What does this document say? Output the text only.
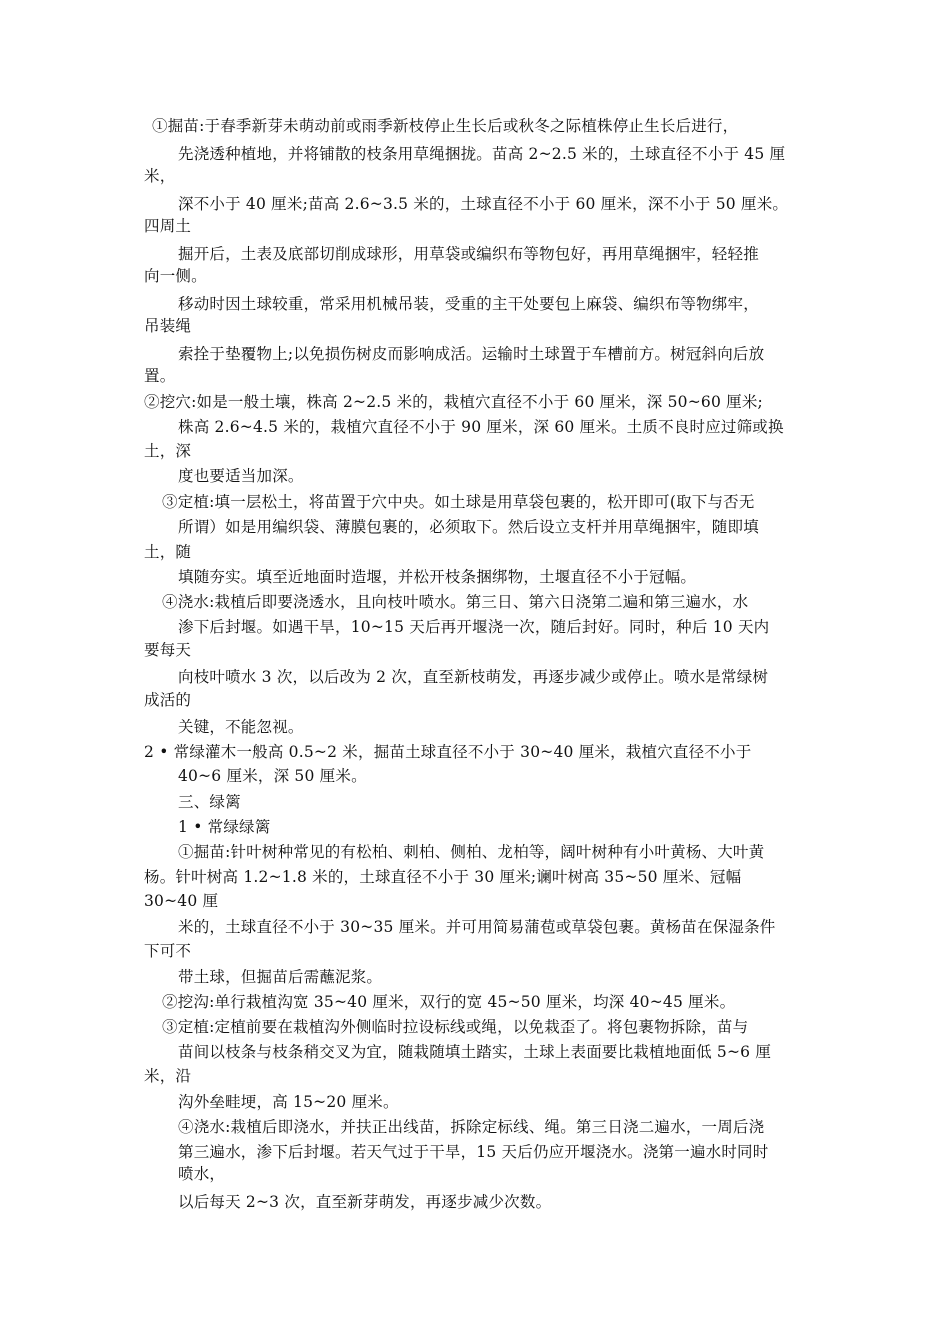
①掘苗:于春季新芽未萌动前或雨季新枝停止生长后或秋冬之际植株停止生长后进行，
先浇透种植地，并将铺散的枝条用草绳捆拢。苗高 2~2.5 米的，土球直径不小于 45 厘
米，
深不小于 40 厘米;苗高 2.6~3.5 米的，土球直径不小于 60 厘米，深不小于 50 厘米。
四周土
掘开后，土表及底部切削成球形，用草袋或编织布等物包好，再用草绳捆牢，轻轻推
向一侧。
移动时因土球较重，常采用机械吊装，受重的主干处要包上麻袋、编织布等物绑牢，
吊装绳
索拴于垫覆物上;以免损伤树皮而影响成活。运输时土球置于车槽前方。树冠斜向后放
置。
②挖穴:如是一般土壤，株高 2~2.5 米的，栽植穴直径不小于 60 厘米，深 50~60 厘米;
株高 2.6~4.5 米的，栽植穴直径不小于 90 厘米，深 60 厘米。土质不良时应过筛或换
土，深
度也要适当加深。
③定植:填一层松土，将苗置于穴中央。如土球是用草袋包裹的，松开即可(取下与否无
所谓）如是用编织袋、薄膜包裹的，必须取下。然后设立支杆并用草绳捆牢，随即填
土，随
填随夯实。填至近地面时造堰，并松开枝条捆绑物，土堰直径不小于冠幅。
④浇水:栽植后即要浇透水，且向枝叶喷水。第三日、第六日浇第二遍和第三遍水，水
渗下后封堰。如遇干旱，10~15 天后再开堰浇一次，随后封好。同时，种后 10 天内
要每天
向枝叶喷水 3 次，以后改为 2 次，直至新枝萌发，再逐步减少或停止。喷水是常绿树
成活的
关键，不能忽视。
2 • 常绿灌木一般高 0.5~2 米，掘苗土球直径不小于 30~40 厘米，栽植穴直径不小于
40~6 厘米，深 50 厘米。
三、绿篱
1 • 常绿绿篱
①掘苗:针叶树种常见的有松柏、刺柏、侧柏、龙柏等，阔叶树种有小叶黄杨、大叶黄
杨。针叶树高 1.2~1.8 米的，土球直径不小于 30 厘米;谰叶树高 35~50 厘米、冠幅
30~40 厘
米的，土球直径不小于 30~35 厘米。并可用简易蒲苞或草袋包裹。黄杨苗在保湿条件
下可不
带土球，但掘苗后需蘸泥浆。
②挖沟:单行栽植沟宽 35~40 厘米，双行的宽 45~50 厘米，均深 40~45 厘米。
③定植:定植前要在栽植沟外侧临时拉设标线或绳，以免栽歪了。将包裹物拆除，苗与
苗间以枝条与枝条稍交叉为宜，随栽随填土踏实，土球上表面要比栽植地面低 5~6 厘
米，沿
沟外垒畦埂，高 15~20 厘米。
④浇水:栽植后即浇水，并扶正出线苗，拆除定标线、绳。第三日浇二遍水，一周后浇
第三遍水，渗下后封堰。若天气过于干旱，15 天后仍应开堰浇水。浇第一遍水时同时
喷水，
以后每天 2~3 次，直至新芽萌发，再逐步减少次数。
